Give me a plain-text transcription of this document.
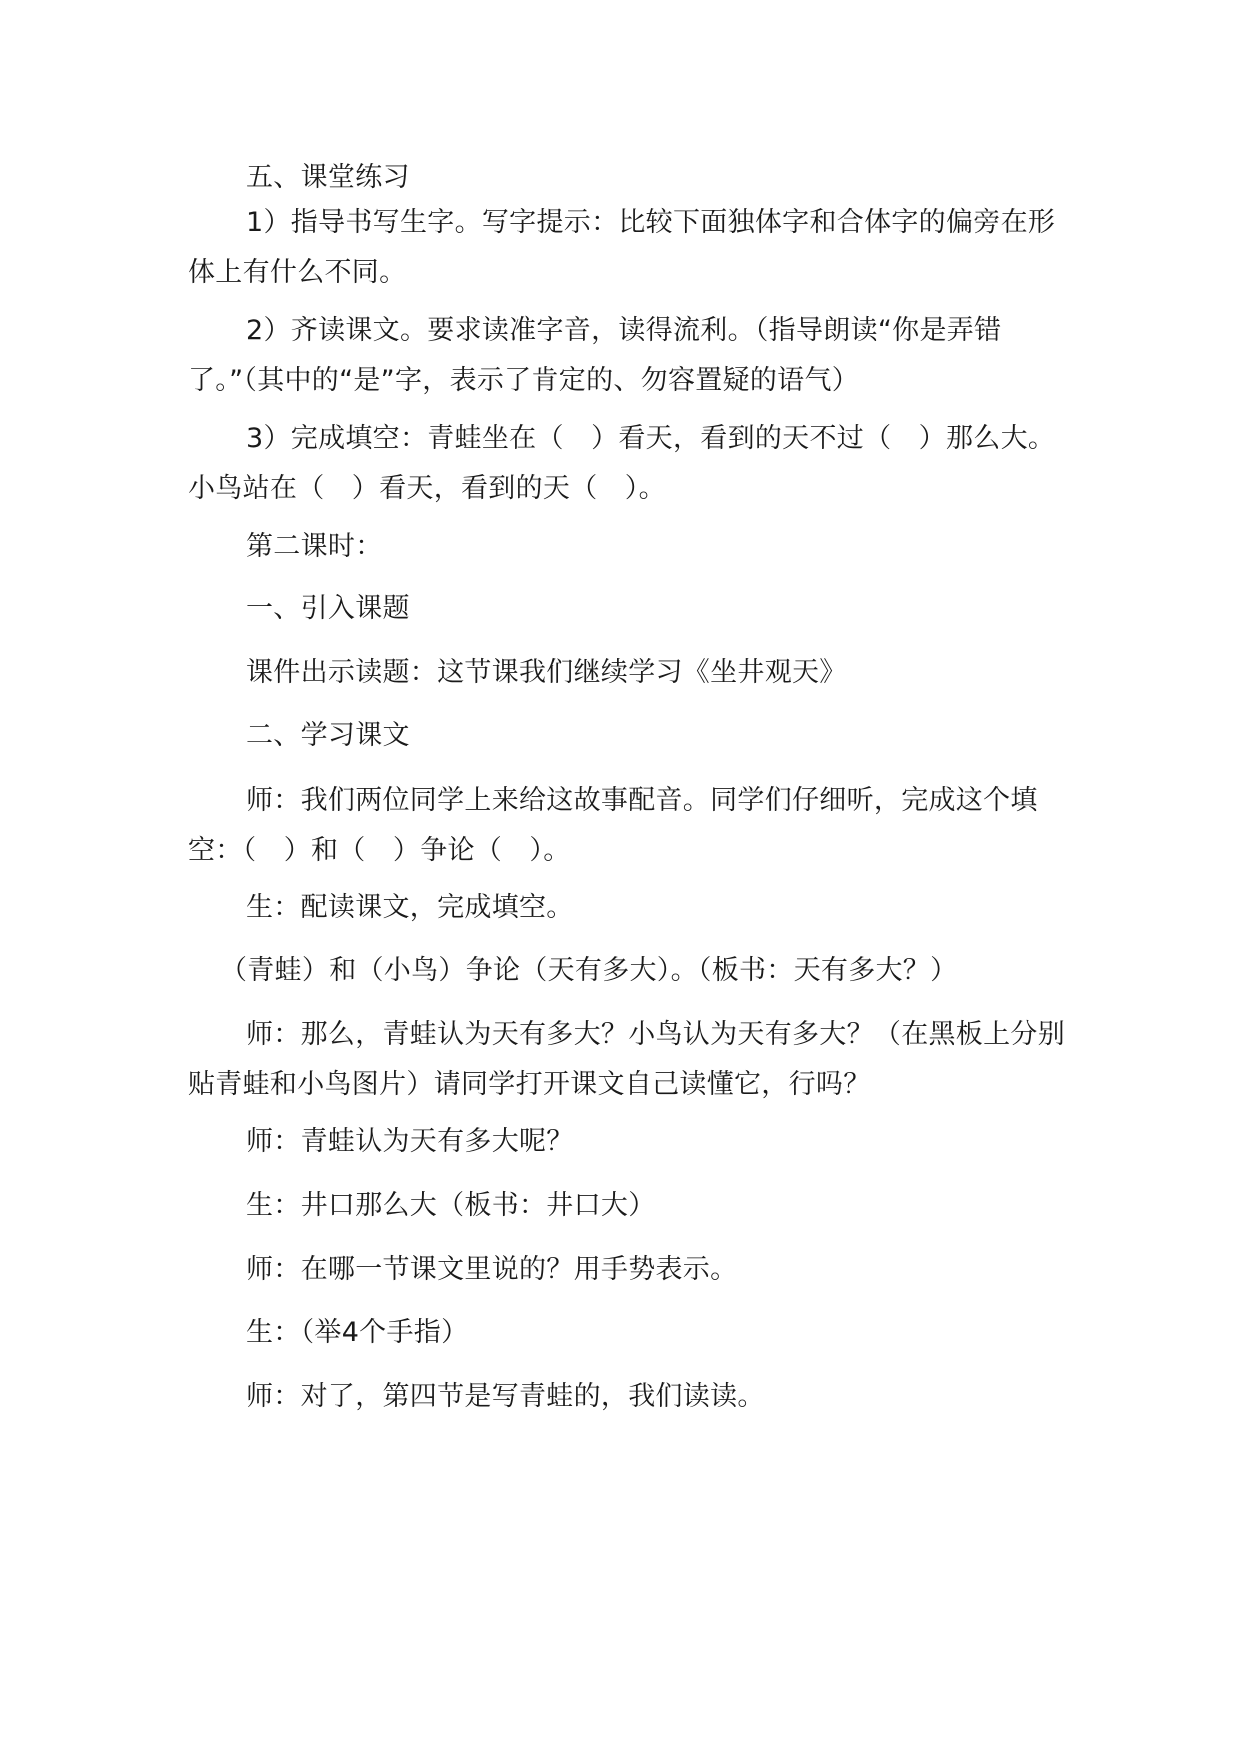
五、课堂练习

1）指导书写生字。写字提示：比较下面独体字和合体字的偏旁在形体上有什么不同。

2）齐读课文。要求读准字音，读得流利。（指导朗读“你是弄错了。”（其中的“是”字，表示了肯定的、勿容置疑的语气）

3）完成填空：青蛙坐在（　）看天，看到的天不过（　）那么大。小鸟站在（　）看天，看到的天（　）。

第二课时：

一、引入课题

课件出示读题：这节课我们继续学习《坐井观天》

二、学习课文

师：我们两位同学上来给这故事配音。同学们仔细听，完成这个填空：（　）和（　）争论（　）。

生：配读课文，完成填空。

（青蛙）和（小鸟）争论（天有多大）。（板书：天有多大？）

师：那么，青蛙认为天有多大？小鸟认为天有多大？（在黑板上分别贴青蛙和小鸟图片）请同学打开课文自己读懂它，行吗？

师：青蛙认为天有多大呢？

生：井口那么大（板书：井口大）

师：在哪一节课文里说的？用手势表示。

生：（举4个手指）

师：对了，第四节是写青蛙的，我们读读。
